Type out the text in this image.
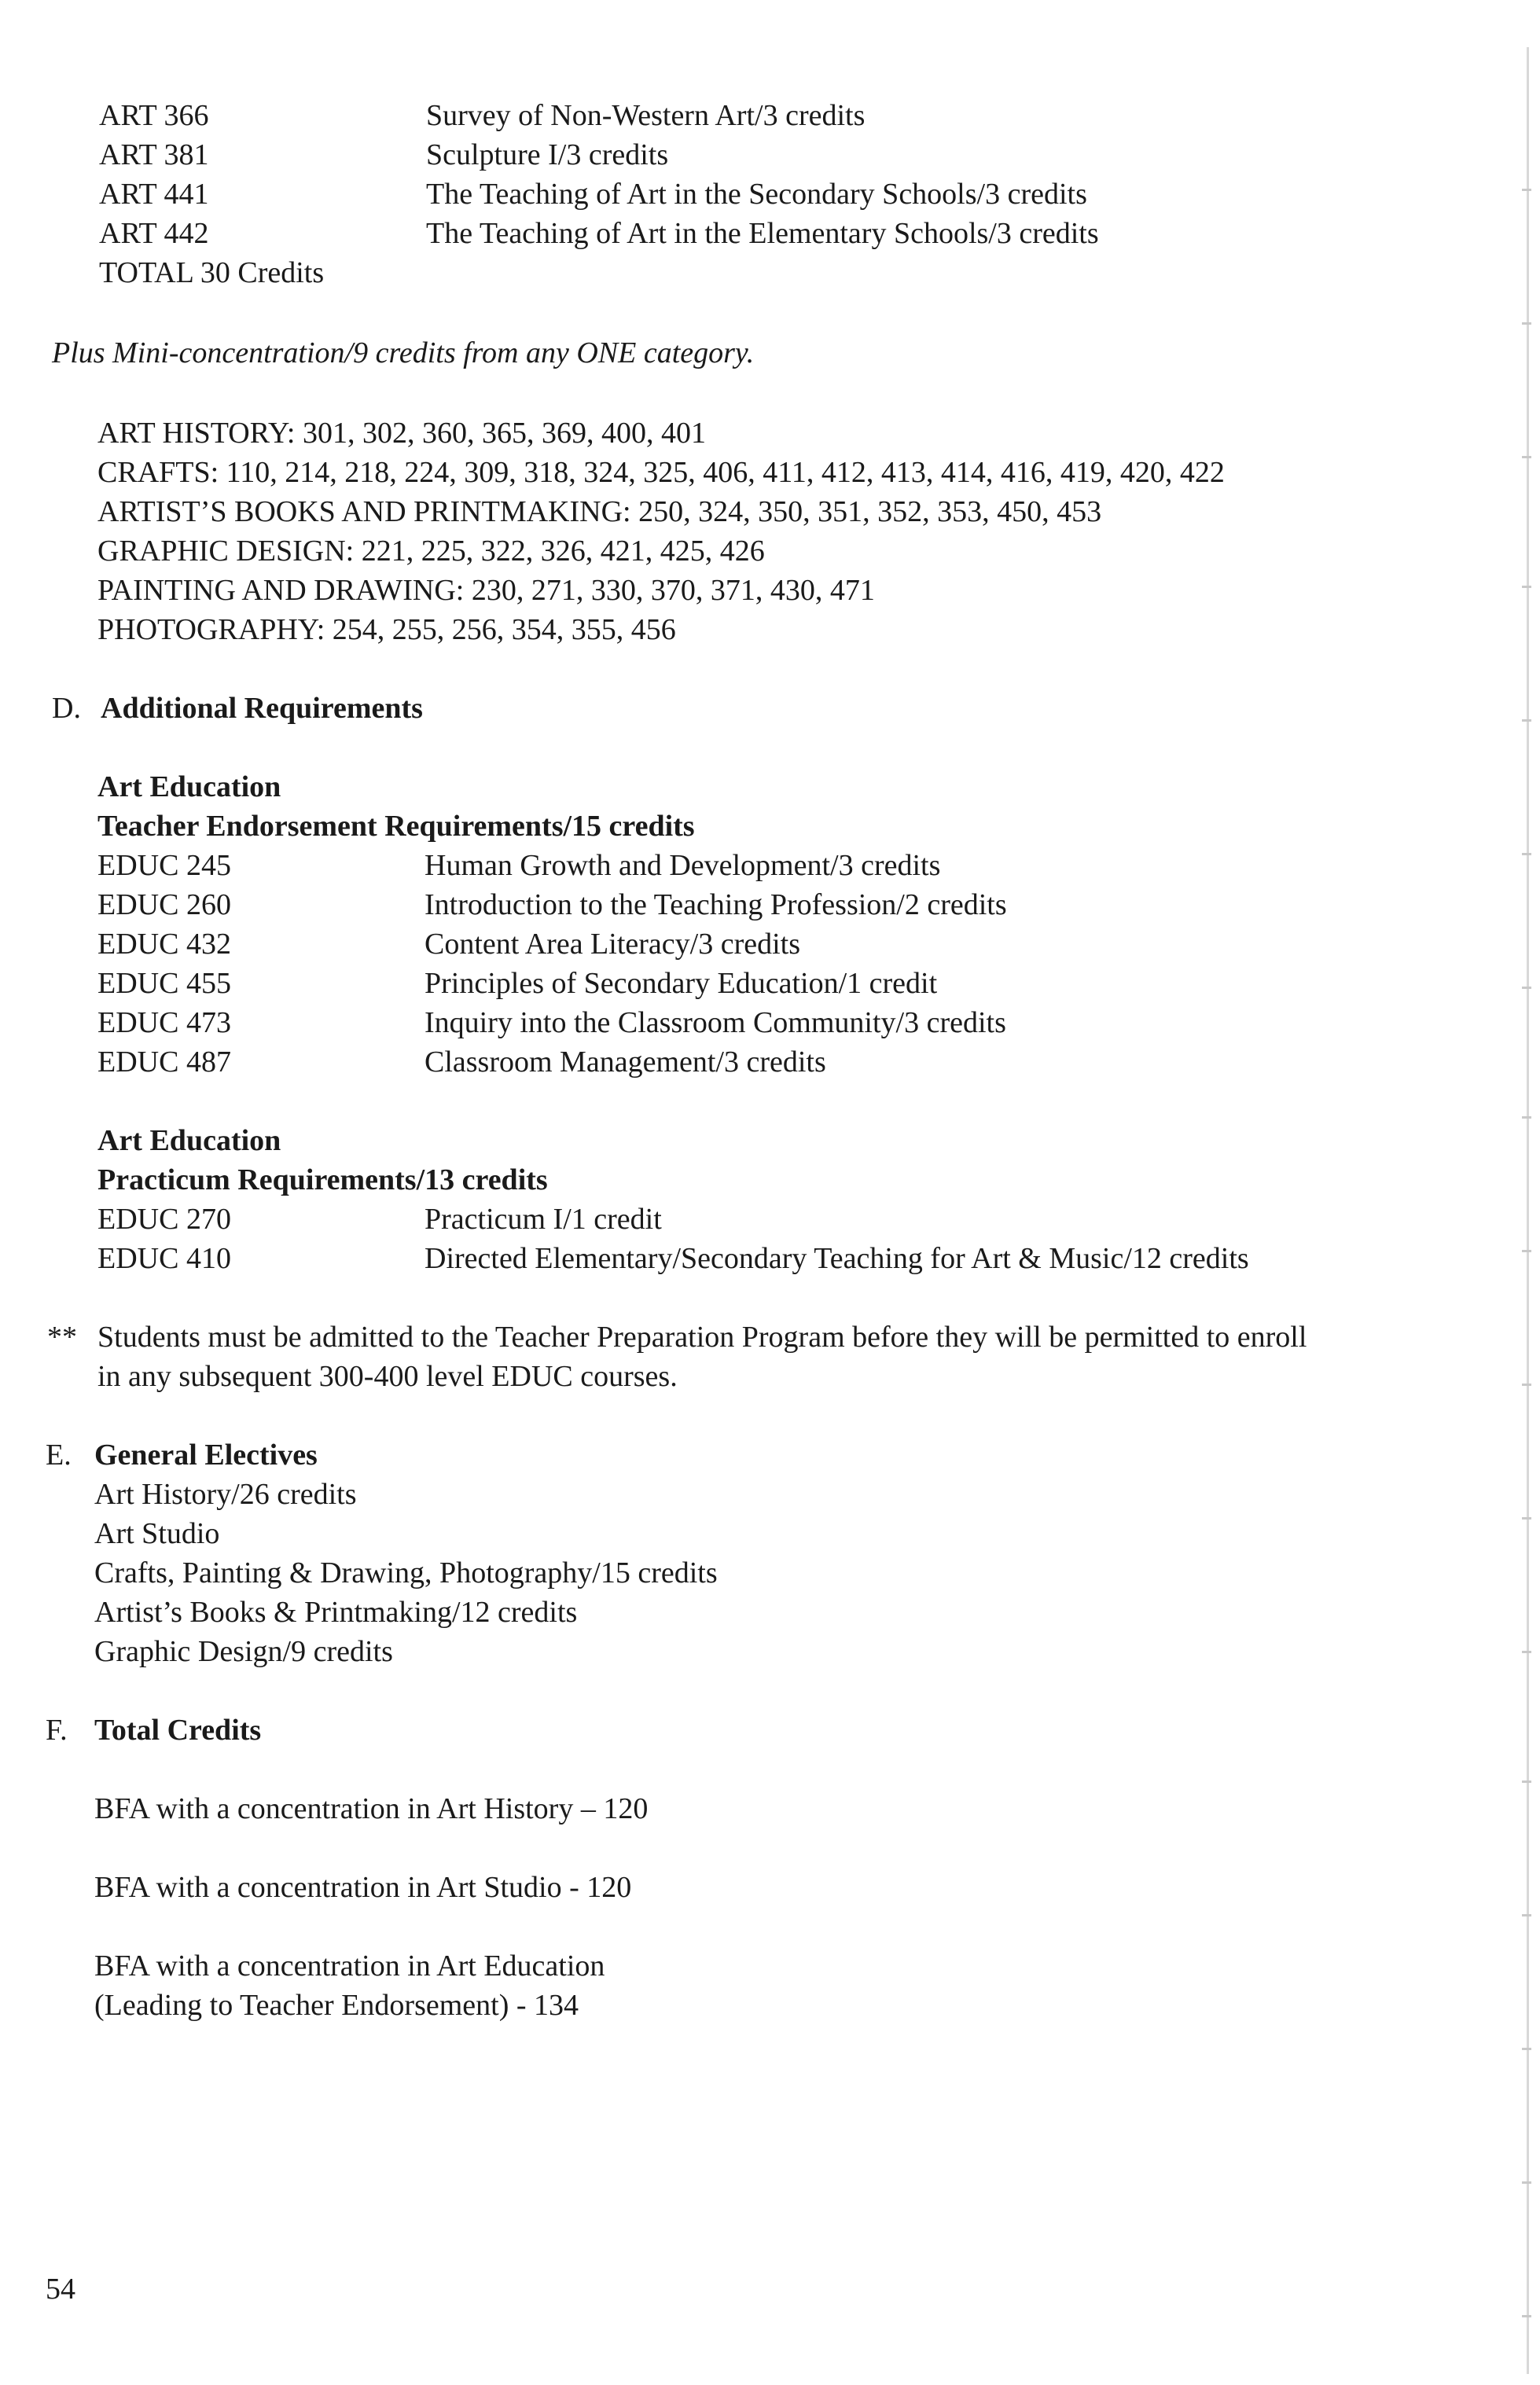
ART 366	Survey of Non-Western Art/3 credits
ART 381	Sculpture I/3 credits
ART 441	The Teaching of Art in the Secondary Schools/3 credits
ART 442	The Teaching of Art in the Elementary Schools/3 credits
TOTAL 30 Credits
Plus Mini-concentration/9 credits from any ONE category.
ART HISTORY: 301, 302, 360, 365, 369, 400, 401
CRAFTS: 110, 214, 218, 224, 309, 318, 324, 325, 406, 411, 412, 413, 414, 416, 419, 420, 422
ARTIST’S BOOKS AND PRINTMAKING: 250, 324, 350, 351, 352, 353, 450, 453
GRAPHIC DESIGN: 221, 225, 322, 326, 421, 425, 426
PAINTING AND DRAWING: 230, 271, 330, 370, 371, 430, 471
PHOTOGRAPHY: 254, 255, 256, 354, 355, 456
D. Additional Requirements
Art Education
Teacher Endorsement Requirements/15 credits
EDUC 245	Human Growth and Development/3 credits
EDUC 260	Introduction to the Teaching Profession/2 credits
EDUC 432	Content Area Literacy/3 credits
EDUC 455	Principles of Secondary Education/1 credit
EDUC 473	Inquiry into the Classroom Community/3 credits
EDUC 487	Classroom Management/3 credits
Art Education
Practicum Requirements/13 credits
EDUC 270	Practicum I/1 credit
EDUC 410	Directed Elementary/Secondary Teaching for Art & Music/12 credits
** Students must be admitted to the Teacher Preparation Program before they will be permitted to enroll
in any subsequent 300-400 level EDUC courses.
E. General Electives
Art History/26 credits
Art Studio
Crafts, Painting & Drawing, Photography/15 credits
Artist’s Books & Printmaking/12 credits
Graphic Design/9 credits
F. Total Credits
BFA with a concentration in Art History – 120
BFA with a concentration in Art Studio - 120
BFA with a concentration in Art Education
(Leading to Teacher Endorsement) - 134
54
